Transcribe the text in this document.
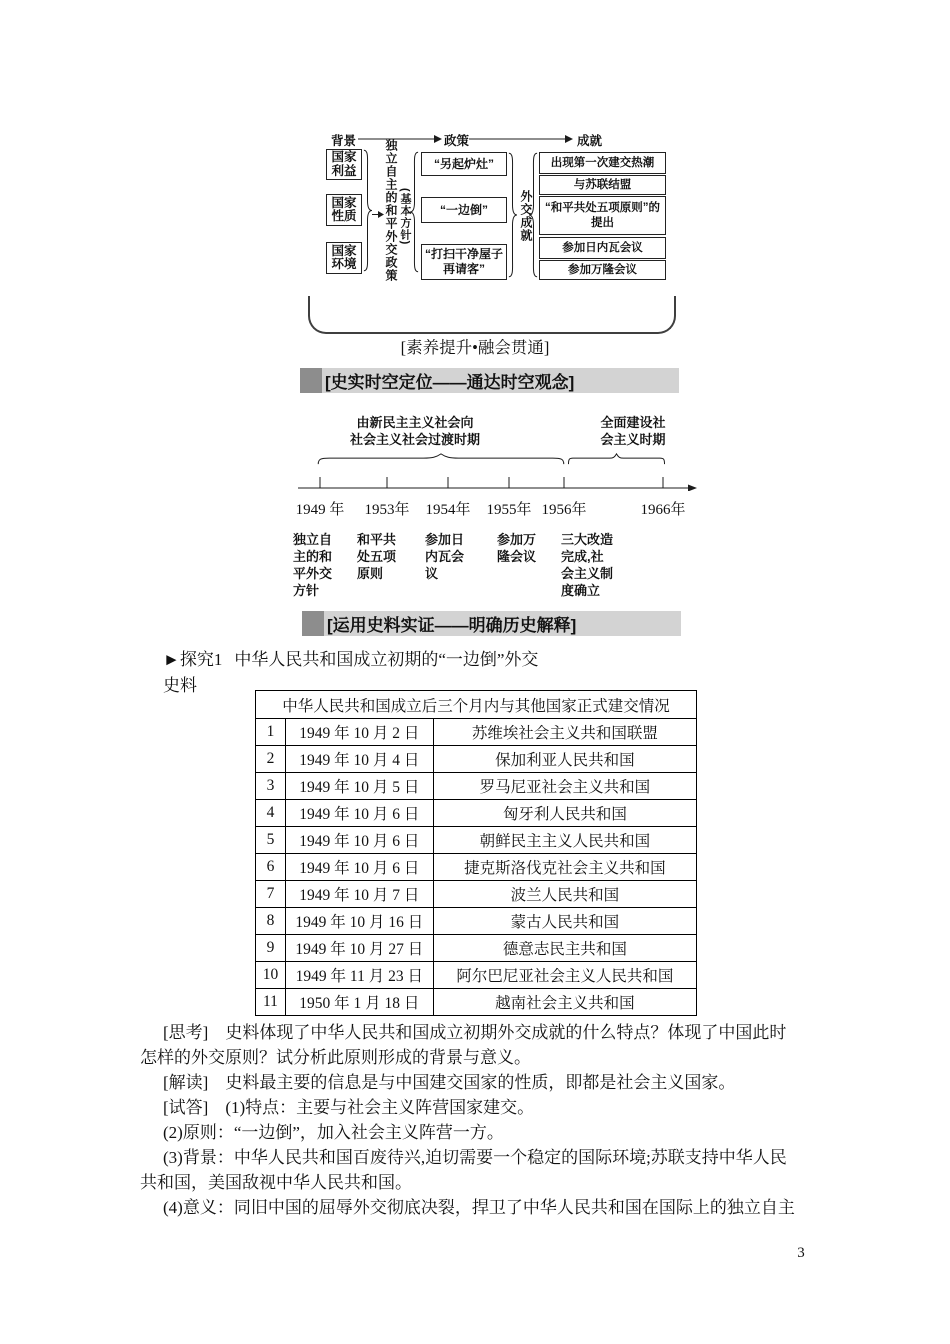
背景	政策	成就
国家利益
国家性质
国家环境	独立自主的和平外交政策 (基本方针)
“另起炉灶”
“一边倒”
“打扫干净屋子再请客”
外交成就
出现第一次建交热潮
与苏联结盟
“和平共处五项原则”的提出
参加日内瓦会议
参加万隆会议
[素养提升•融会贯通]
[史实时空定位——通达时空观念]
由新民主主义社会向
社会主义社会过渡时期
全面建设社
会主义时期
1949 年	1953年	1954年	1955年 1956年	1966年
独立自主的和平外交方针
和平共处五项原则
参加日内瓦会议
参加万隆会议
三大改造完成,社会主义制度确立
[运用史料实证——明确历史解释]
►探究1 中华人民共和国成立初期的“一边倒”外交
史料
中华人民共和国成立后三个月内与其他国家正式建交情况		
1	1949 年 10 月 2 日	苏维埃社会主义共和国联盟
2	1949 年 10 月 4 日	保加利亚人民共和国
3	1949 年 10 月 5 日	罗马尼亚社会主义共和国
4	1949 年 10 月 6 日	匈牙利人民共和国
5	1949 年 10 月 6 日	朝鲜民主主义人民共和国
6	1949 年 10 月 6 日	捷克斯洛伐克社会主义共和国
7	1949 年 10 月 7 日	波兰人民共和国
8	1949 年 10 月 16 日	蒙古人民共和国
9	1949 年 10 月 27 日	德意志民主共和国
10	1949 年 11 月 23 日	阿尔巴尼亚社会主义人民共和国
11	1950 年 1 月 18 日	越南社会主义共和国
[思考]　史料体现了中华人民共和国成立初期外交成就的什么特点？体现了中国此时
怎样的外交原则？试分析此原则形成的背景与意义。
[解读]　史料最主要的信息是与中国建交国家的性质，即都是社会主义国家。
[试答]　(1)特点：主要与社会主义阵营国家建交。
(2)原则：“一边倒”，加入社会主义阵营一方。
(3)背景：中华人民共和国百废待兴,迫切需要一个稳定的国际环境;苏联支持中华人民
共和国，美国敌视中华人民共和国。
(4)意义：同旧中国的屈辱外交彻底决裂，捍卫了中华人民共和国在国际上的独立自主
3
